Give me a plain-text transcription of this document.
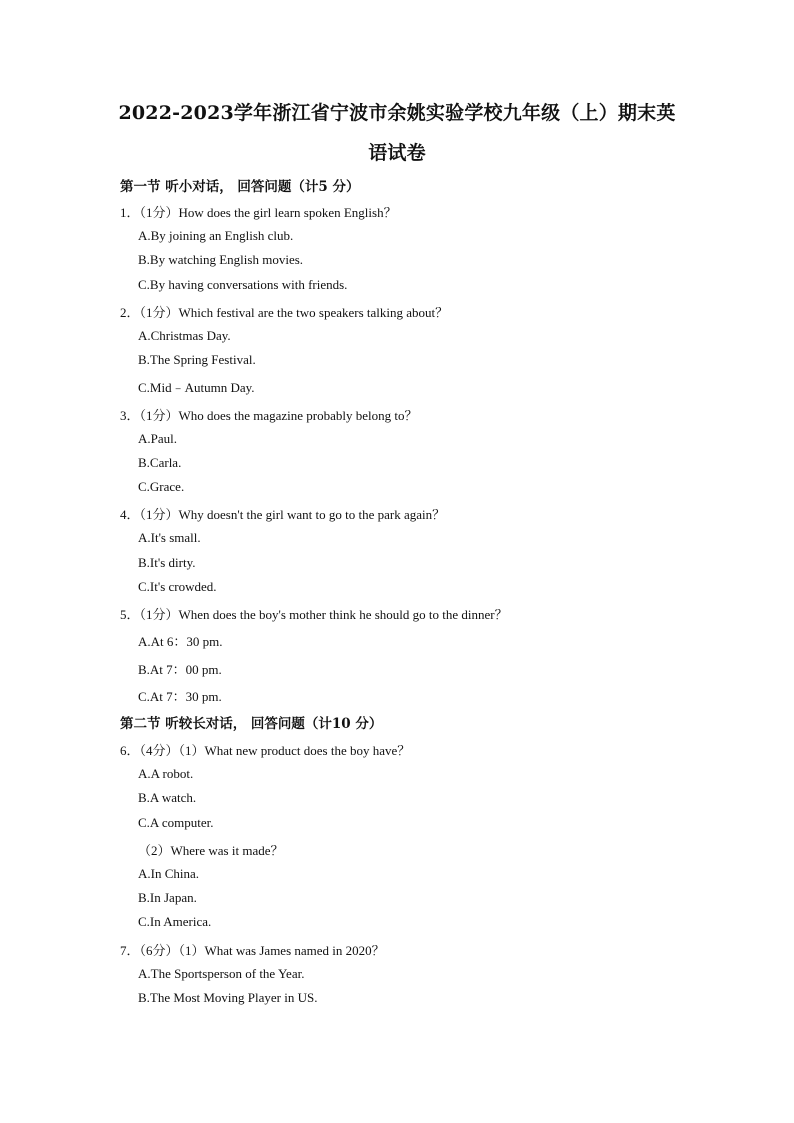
2022-2023学年浙江省宁波市余姚实验学校九年级（上）期末英
语试卷
第一节 听小对话， 回答问题（计5 分）
1．（1分）How does the girl learn spoken English？
A.By joining an English club.
B.By watching English movies.
C.By having conversations with friends.
2．（1分）Which festival are the two speakers talking about？
A.Christmas Day.
B.The Spring Festival.
C.Mid﹣Autumn Day.
3．（1分）Who does the magazine probably belong to？
A.Paul.
B.Carla.
C.Grace.
4．（1分）Why doesn't the girl want to go to the park again？
A.It's small.
B.It's dirty.
C.It's crowded.
5．（1分）When does the boy's mother think he should go to the dinner？
A.At 6：30 pm.
B.At 7：00 pm.
C.At 7：30 pm.
第二节 听较长对话， 回答问题（计10 分）
6．（4分）（1）What new product does the boy have？
A.A robot.
B.A watch.
C.A computer.
（2）Where was it made？
A.In China.
B.In Japan.
C.In America.
7．（6分）（1）What was James named in 2020？
A.The Sportsperson of the Year.
B.The Most Moving Player in US.
